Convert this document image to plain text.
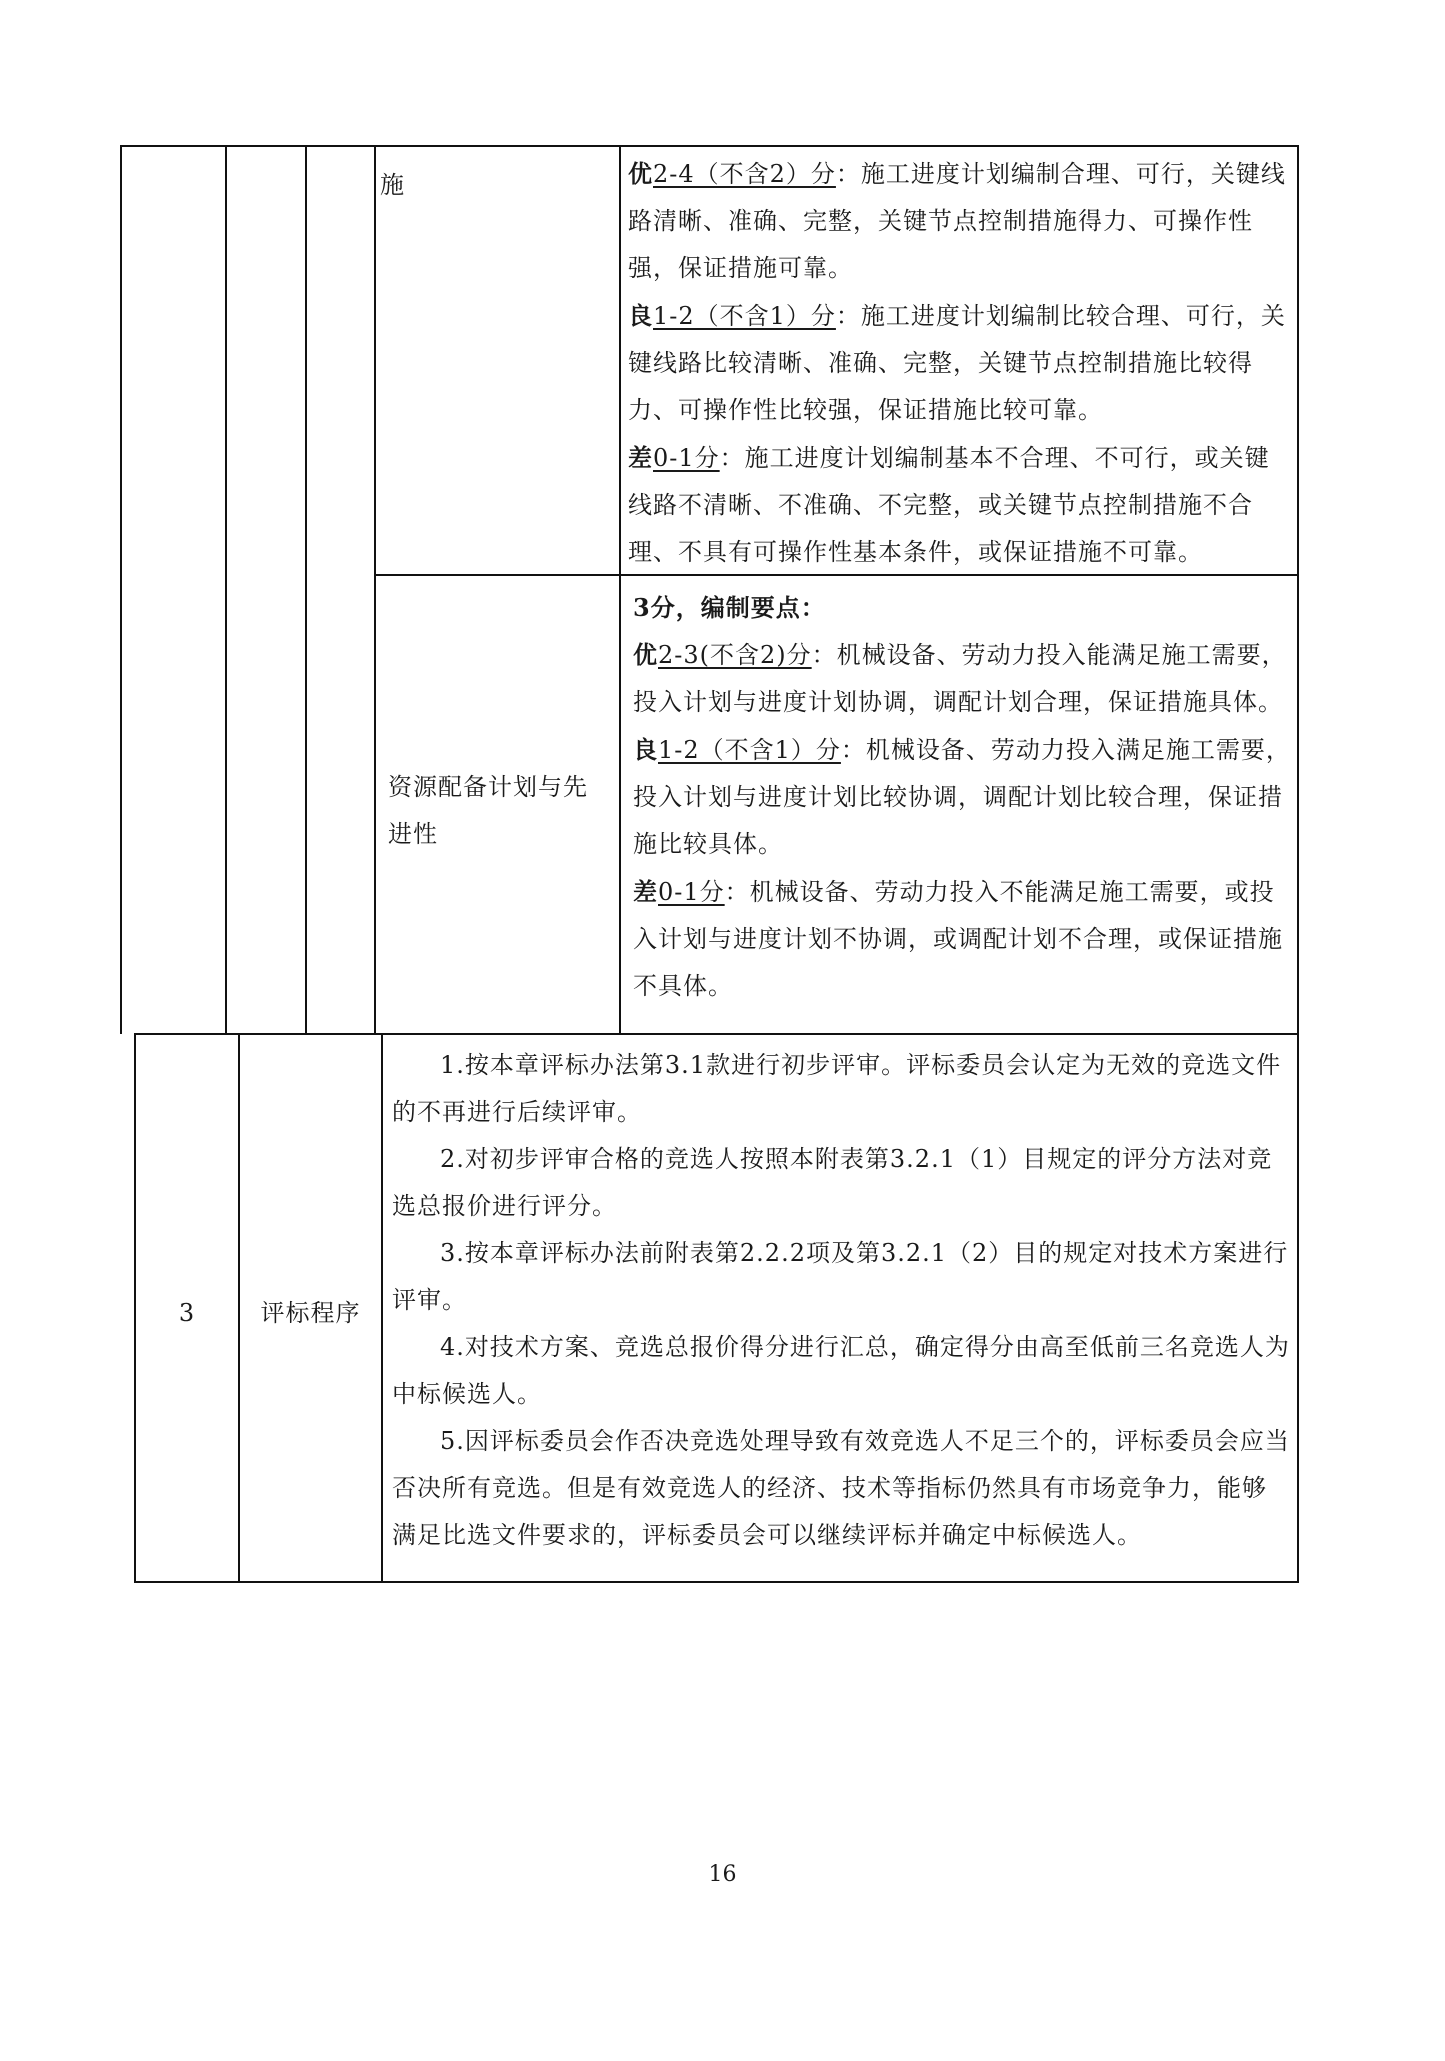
施	优2-4（不含2）分：施工进度计划编制合理、可行，关键线路清晰、准确、完整，关键节点控制措施得力、可操作性强，保证措施可靠。

良1-2（不含1）分：施工进度计划编制比较合理、可行，关键线路比较清晰、准确、完整，关键节点控制措施比较得力、可操作性比较强，保证措施比较可靠。

差0-1分：施工进度计划编制基本不合理、不可行，或关键线路不清晰、不准确、不完整，或关键节点控制措施不合理、不具有可操作性基本条件，或保证措施不可靠。

资源配备计划与先进性

3分，编制要点：

优2-3(不含2)分：机械设备、劳动力投入能满足施工需要，投入计划与进度计划协调，调配计划合理，保证措施具体。

良1-2（不含1）分：机械设备、劳动力投入满足施工需要，投入计划与进度计划比较协调，调配计划比较合理，保证措施比较具体。

差0-1分：机械设备、劳动力投入不能满足施工需要，或投入计划与进度计划不协调，或调配计划不合理，或保证措施不具体。

3	评标程序

1.按本章评标办法第3.1款进行初步评审。评标委员会认定为无效的竞选文件的不再进行后续评审。

2.对初步评审合格的竞选人按照本附表第3.2.1（1）目规定的评分方法对竞选总报价进行评分。

3.按本章评标办法前附表第2.2.2项及第3.2.1（2）目的规定对技术方案进行评审。

4.对技术方案、竞选总报价得分进行汇总，确定得分由高至低前三名竞选人为中标候选人。

5.因评标委员会作否决竞选处理导致有效竞选人不足三个的，评标委员会应当否决所有竞选。但是有效竞选人的经济、技术等指标仍然具有市场竞争力，能够满足比选文件要求的，评标委员会可以继续评标并确定中标候选人。

16
